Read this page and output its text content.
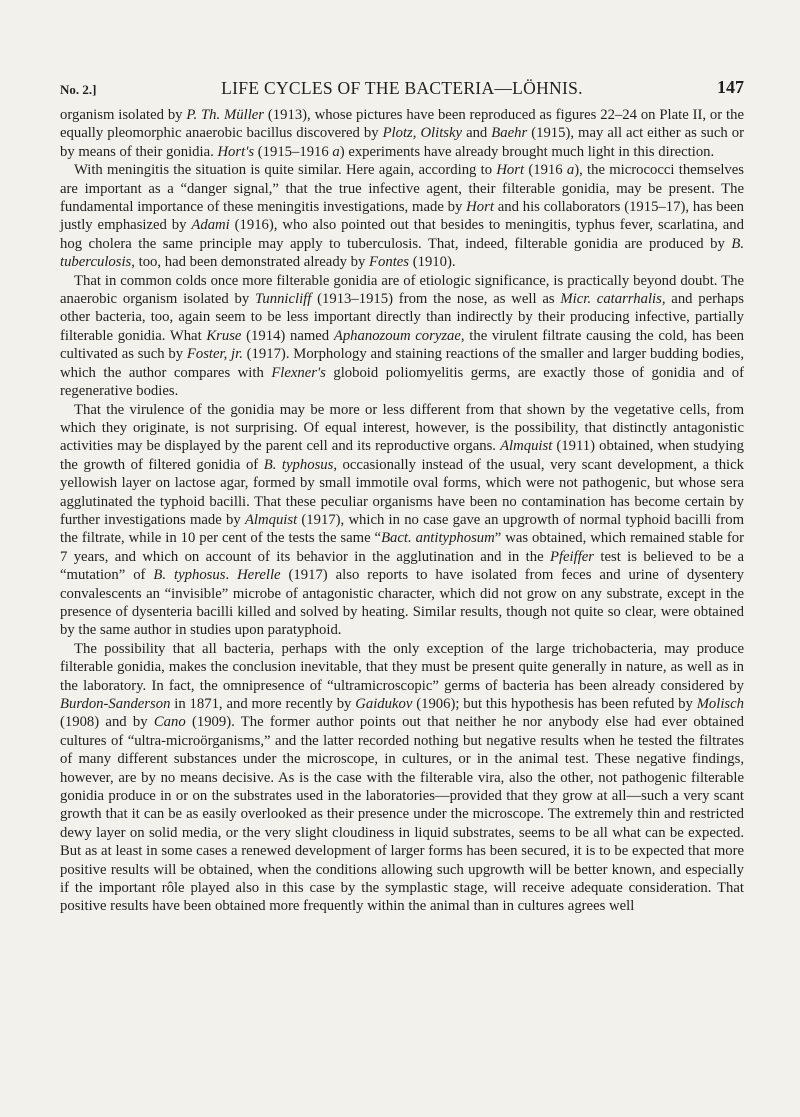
No. 2.]	LIFE CYCLES OF THE BACTERIA—LÖHNIS.	147

organism isolated by P. Th. Müller (1913), whose pictures have been reproduced as figures 22–24 on Plate II, or the equally pleomorphic anaerobic bacillus discovered by Plotz, Olitsky and Baehr (1915), may all act either as such or by means of their gonidia. Hort's (1915–1916 a) experiments have already brought much light in this direction.

With meningitis the situation is quite similar. Here again, according to Hort (1916 a), the micrococci themselves are important as a “danger signal,” that the true infective agent, their filterable gonidia, may be present. The fundamental importance of these meningitis investigations, made by Hort and his collaborators (1915–17), has been justly emphasized by Adami (1916), who also pointed out that besides to meningitis, typhus fever, scarlatina, and hog cholera the same principle may apply to tuberculosis. That, indeed, filterable gonidia are produced by B. tuberculosis, too, had been demonstrated already by Fontes (1910).

That in common colds once more filterable gonidia are of etiologic significance, is practically beyond doubt. The anaerobic organism isolated by Tunnicliff (1913–1915) from the nose, as well as Micr. catarrhalis, and perhaps other bacteria, too, again seem to be less important directly than indirectly by their producing infective, partially filterable gonidia. What Kruse (1914) named Aphanozoum coryzae, the virulent filtrate causing the cold, has been cultivated as such by Foster, jr. (1917). Morphology and staining reactions of the smaller and larger budding bodies, which the author compares with Flexner's globoid poliomyelitis germs, are exactly those of gonidia and of regenerative bodies.

That the virulence of the gonidia may be more or less different from that shown by the vegetative cells, from which they originate, is not surprising. Of equal interest, however, is the possibility, that distinctly antagonistic activities may be displayed by the parent cell and its reproductive organs. Almquist (1911) obtained, when studying the growth of filtered gonidia of B. typhosus, occasionally instead of the usual, very scant development, a thick yellowish layer on lactose agar, formed by small immotile oval forms, which were not pathogenic, but whose sera agglutinated the typhoid bacilli. That these peculiar organisms have been no contamination has become certain by further investigations made by Almquist (1917), which in no case gave an upgrowth of normal typhoid bacilli from the filtrate, while in 10 per cent of the tests the same “Bact. antityphosum” was obtained, which remained stable for 7 years, and which on account of its behavior in the agglutination and in the Pfeiffer test is believed to be a “mutation” of B. typhosus. Herelle (1917) also reports to have isolated from feces and urine of dysentery convalescents an “invisible” microbe of antagonistic character, which did not grow on any substrate, except in the presence of dysenteria bacilli killed and solved by heating. Similar results, though not quite so clear, were obtained by the same author in studies upon paratyphoid.

The possibility that all bacteria, perhaps with the only exception of the large trichobacteria, may produce filterable gonidia, makes the conclusion inevitable, that they must be present quite generally in nature, as well as in the laboratory. In fact, the omnipresence of “ultramicroscopic” germs of bacteria has been already considered by Burdon-Sanderson in 1871, and more recently by Gaidukov (1906); but this hypothesis has been refuted by Molisch (1908) and by Cano (1909). The former author points out that neither he nor anybody else had ever obtained cultures of “ultra-microörganisms,” and the latter recorded nothing but negative results when he tested the filtrates of many different substances under the microscope, in cultures, or in the animal test. These negative findings, however, are by no means decisive. As is the case with the filterable vira, also the other, not pathogenic filterable gonidia produce in or on the substrates used in the laboratories—provided that they grow at all—such a very scant growth that it can be as easily overlooked as their presence under the microscope. The extremely thin and restricted dewy layer on solid media, or the very slight cloudiness in liquid substrates, seems to be all what can be expected. But as at least in some cases a renewed development of larger forms has been secured, it is to be expected that more positive results will be obtained, when the conditions allowing such upgrowth will be better known, and especially if the important rôle played also in this case by the symplastic stage, will receive adequate consideration. That positive results have been obtained more frequently within the animal than in cultures agrees well
